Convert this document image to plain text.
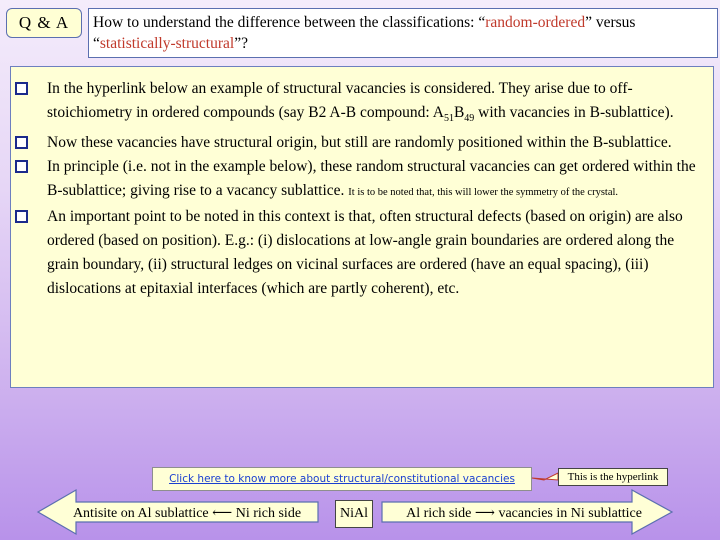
Q & A	How to understand the difference between the classifications: “random-ordered” versus “statistically-structural”?
In the hyperlink below an example of structural vacancies is considered. They arise due to off-stoichiometry in ordered compounds (say B2 A-B compound: $A_{51}B_{49}$ with vacancies in B-sublattice).
Now these vacancies have structural origin, but still are randomly positioned within the B-sublattice.
In principle (i.e. not in the example below), these random structural vacancies can get ordered within the B-sublattice; giving rise to a vacancy sublattice. It is to be noted that, this will lower the symmetry of the crystal.
An important point to be noted in this context is that, often structural defects (based on origin) are also ordered (based on position). E.g.: (i) dislocations at low-angle grain boundaries are ordered along the grain boundary, (ii) structural ledges on vicinal surfaces are ordered (have an equal spacing), (iii) dislocations at epitaxial interfaces (which are partly coherent), etc.
Click here to know more about structural/constitutional vacancies	This is the hyperlink
Antisite on Al sublattice ⟵ Ni rich side	NiAl	Al rich side ⟶ vacancies in Ni sublattice
